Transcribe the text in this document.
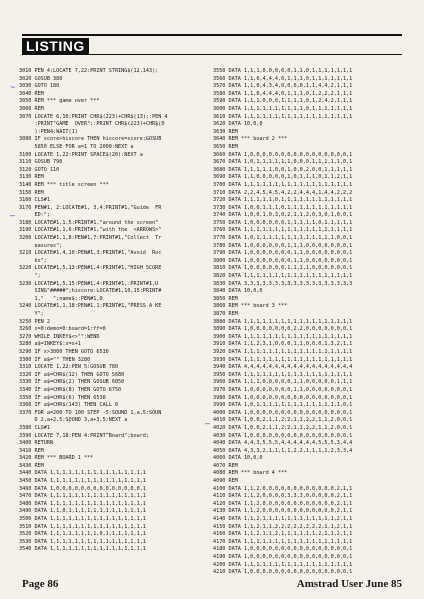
LISTING
3010 PEN 4:LOCATE 7,22:PRINT STRING$(12,143);
3020 GOSUB 380
3030 GOTO 180
3040 REM
3050 REM *** game over ***
3060 REM
3070 LOCATE 6,10:PRINT CHR$(223)+CHR$(13);:PEN 4
:PRINT"GAME  OVER";:PRINT CHR$(223)+CHR$(0
):PEN4:WAIT(1)
3080 IF score>hiscore THEN hiscore=score:GOSUB
5850 ELSE FOR a=1 TO 2000:NEXT a
3100 LOCATE 1,22:PRINT SPACE$(20):NEXT a
3110 GOSUB 790
3120 GOTO 110
3130 REM
3140 REM *** title screen ***
3150 REM
3160 CLS#1
3170 PEN#1, 2:LOCATE#1, 3,4:PRINT#1,"Guide  FR
ED:";
3180 LOCATE#1,1,5:PRINT#1,"around the screen"
3190 LOCATE#1,1,6:PRINT#1,"with the  <ARROWS>"
3200 LOCATE#1,1,8:PEN#1,7:PRINT#1,"Collect  Tr
easures";
3210 LOCATE#1,4,10:PEN#1,3:PRINT#1,"Avoid  Roc
ks";
3220 LOCATE#1,5,13:PEN#1,4:PRINT#1,"HIGH SCORE
";
3230 LOCATE#1,5,15:PEN#1,4:PRINT#1,:PRINT#1,U
SING"#####";hiscore:LOCATE#1,10,15:PRINT#
1,"   ";name$;:PEN#1,0
3240 LOCATE#1,1,18:PEN#1,1:PRINT#1,"PRESS A KE
Y";
3250 PEN 2
3260 x=0:demo=0:board=1:ff=0
3270 WHILE INKEY$<>"":WEND
3280 a$=INKEY$:x=x+1
3290 IF x>3000 THEN GOTO 6530
3300 IF a$="" THEN 3280
3310 LOCATE 1,22:PEN 5:GOSUB 780
3320 IF a$=CHR$(12) THEN GOTO 5680
3330 IF a$=CHR$(2) THEN GOSUB 6050
3340 IF a$=CHR$(8) THEN GOTO 6750
3350 IF a$=CHR$(6) THEN 6530
3360 IF a$=CHR$(143) THEN CALL 0
3370 FOR a=200 TO 100 STEP -5:SOUND 1,a,5:SOUN
D 2,a+2,5:SOUND 3,a+3,5:NEXT a
3380 CLS#1
3390 LOCATE 7,18:PEN 4:PRINT"Board";board;
3400 RETURN
3410 REM
3420 REM *** BOARD 1 ***
3430 REM
3440 DATA 1,1,1,1,1,1,1,1,1,1,1,1,1,1,1,1
3450 DATA 1,1,1,1,1,1,1,1,1,1,1,1,1,1,1,1
3460 DATA 1,0,0,0,0,0,0,0,0,0,0,0,0,0,0,1
3470 DATA 1,1,1,1,1,1,1,1,1,1,1,1,1,1,1,1
3480 DATA 1,1,1,1,1,1,1,1,1,1,1,1,1,1,1,1
3490 DATA 1,1,0,1,1,1,1,1,1,1,1,1,1,1,1,1
3500 DATA 1,1,1,1,1,1,1,1,1,1,1,1,1,1,1,1
3510 DATA 1,1,1,1,1,1,1,1,1,1,1,1,1,1,1,1
3520 DATA 1,1,1,1,1,1,1,1,0,1,1,1,1,1,1,1
3530 DATA 1,1,1,1,1,1,1,1,1,1,1,1,1,1,1,1
3540 DATA 1,1,1,1,1,1,1,1,1,1,1,1,1,1,1,1
3550 DATA 1,1,1,0,0,0,0,0,1,1,0,1,1,1,1,1,1,1
3560 DATA 1,1,0,4,4,4,0,1,1,1,0,1,1,1,1,1,1,1
3570 DATA 1,1,0,4,3,4,0,0,0,0,1,1,4,4,2,1,1,1
3580 DATA 1,1,0,4,4,4,0,1,1,1,0,1,2,2,2,1,1,1
3590 DATA 1,1,1,0,0,0,1,1,1,1,0,1,2,4,2,1,1,1
3600 DATA 1,1,1,1,1,1,1,1,1,1,0,1,1,1,1,1,1,1
3610 DATA 1,1,1,1,1,1,1,1,1,1,1,1,1,1,1,1,1,1
3620 DATA 10,0,0
3630 REM
3640 REM *** board 2 ***
3650 REM
3660 DATA 1,0,0,0,0,0,0,0,0,0,0,0,0,0,0,0,0,1
3670 DATA 1,0,1,1,1,1,1,1,0,0,0,1,1,1,1,1,0,1
3680 DATA 1,1,1,1,1,0,0,1,0,0,2,0,0,1,1,1,1,1
3690 DATA 1,1,0,0,0,0,0,1,0,1,1,1,0,1,1,2,1,1
3700 DATA 1,1,1,1,1,1,1,1,1,1,1,1,1,1,1,1,1,1
3710 DATA 2,2,4,5,4,5,4,2,2,4,4,4,1,4,4,2,2,2
3720 DATA 1,1,1,1,1,0,1,1,1,1,1,1,1,1,1,1,1,1
3730 DATA 1,0,0,1,1,1,0,1,1,1,1,1,1,1,1,1,1,1
3740 DATA 1,0,0,1,0,3,0,2,1,1,2,0,3,0,1,0,0,1
3750 DATA 1,0,0,0,0,0,0,1,1,1,1,1,0,1,1,1,1,1
3760 DATA 1,1,1,1,1,1,1,1,1,1,1,1,1,1,1,1,1,1
3770 DATA 1,0,1,1,1,1,1,1,1,1,1,1,1,1,1,0,0,1
3780 DATA 1,0,0,0,0,0,0,1,1,1,0,0,0,0,0,0,0,1
3790 DATA 1,0,0,0,0,0,0,0,1,1,0,0,0,0,0,0,0,1
3800 DATA 1,0,0,0,0,0,0,0,1,1,0,0,0,0,0,0,0,1
3810 DATA 1,0,0,0,0,0,0,1,1,1,1,0,0,0,0,0,0,1
3820 DATA 1,1,1,1,1,1,1,1,1,1,1,1,1,1,1,1,1,1
3830 DATA 3,3,3,3,3,3,3,3,3,3,3,3,3,3,3,3,3,3
3840 DATA 10,0,0
3850 REM
3860 REM *** board 3 ***
3870 REM
3880 DATA 1,1,1,1,1,1,1,1,1,1,1,1,1,1,1,1,1,1
3890 DATA 1,0,0,0,0,0,0,0,2,2,0,0,0,0,0,0,0,1
3900 DATA 1,1,1,1,1,1,1,1,1,1,1,1,1,1,1,1,1,1
3910 DATA 1,1,2,3,1,0,0,0,1,1,0,0,0,1,3,2,1,1
3920 DATA 1,1,1,1,1,1,1,1,1,1,1,1,1,1,1,1,1,1
3930 DATA 1,1,1,1,1,1,1,1,1,1,1,1,1,1,1,1,1,1
3940 DATA 4,4,4,4,4,4,4,4,4,4,4,4,4,4,4,4,4,4
3950 DATA 1,1,1,1,1,1,1,1,1,1,1,1,1,1,1,1,1,1
3960 DATA 1,1,1,0,0,0,0,0,1,1,0,0,0,0,0,1,1,1
3970 DATA 1,0,0,0,0,0,0,0,1,1,0,0,0,0,0,0,0,1
3980 DATA 1,0,0,0,0,0,0,0,0,0,0,0,0,0,0,0,0,1
3990 DATA 1,0,1,1,1,1,1,1,1,1,1,1,1,1,1,1,0,1
4000 DATA 1,0,0,0,0,0,0,0,0,0,0,0,0,0,0,0,0,1
4010 DATA 1,0,0,2,1,1,2,2,1,1,2,2,1,1,2,0,0,1
4020 DATA 1,0,0,2,1,1,2,2,1,1,2,2,1,1,2,0,0,1
4030 DATA 1,0,0,0,0,0,0,0,0,0,0,0,0,0,0,0,0,1
4040 DATA 4,4,3,5,5,5,4,4,4,4,4,4,5,5,5,3,4,4
4050 DATA 4,3,3,2,1,1,1,1,2,2,1,1,1,1,2,3,3,4
4060 DATA 10,0,0
4070 REM
4080 REM *** board 4 ***
4090 REM
4100 DATA 1,1,2,0,0,0,0,0,0,0,0,0,0,0,0,2,1,1
4110 DATA 1,1,2,0,0,0,0,3,3,3,0,0,0,0,0,2,1,1
4120 DATA 1,1,2,0,0,0,0,0,0,0,0,0,0,0,0,2,1,1
4130 DATA 1,1,2,0,0,0,0,0,0,0,0,0,0,0,0,2,1,1
4140 DATA 1,1,2,1,1,1,1,1,1,1,1,1,1,1,1,2,1,1
4150 DATA 1,1,2,1,1,2,2,2,2,2,2,2,2,1,1,2,1,1
4160 DATA 1,1,2,1,1,2,1,1,1,1,1,1,2,1,1,2,1,1
4170 DATA 1,1,1,1,1,1,1,1,1,1,1,1,1,1,1,1,1,1
4180 DATA 1,0,0,0,0,0,0,0,0,0,0,0,0,0,0,0,0,1
4190 DATA 1,0,0,0,0,0,0,0,0,0,0,0,0,0,0,0,0,1
4200 DATA 1,1,1,1,1,1,1,1,1,1,1,1,1,1,1,1,1,1
4210 DATA 1,0,0,0,0,0,0,0,0,0,0,0,0,0,0,0,0,1
~
–
–
Page 86	Amstrad User June 85
